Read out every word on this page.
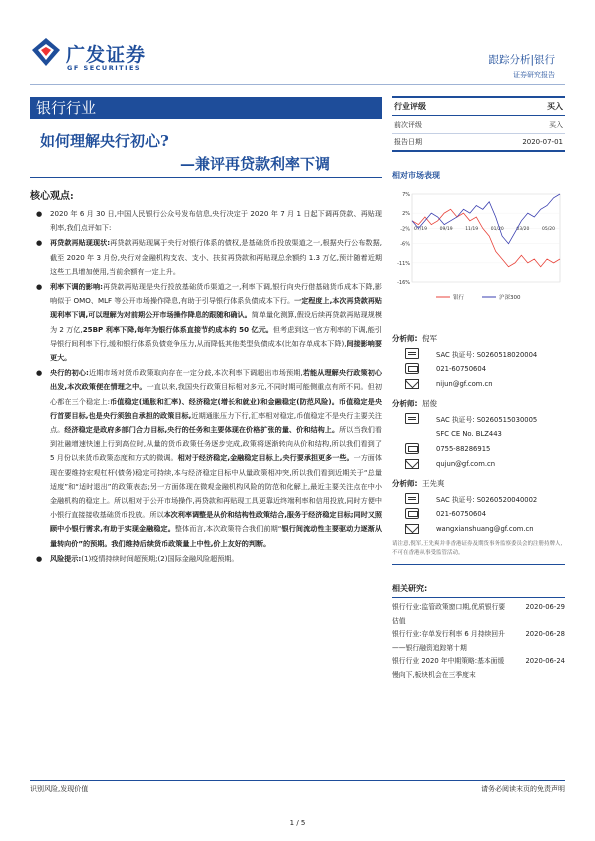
广发证券
GF SECURITIES
跟踪分析|银行
证券研究报告
银行行业
如何理解央行初心?
—兼评再贷款利率下调
行业评级	买入
前次评级	买入
报告日期	2020-07-01
相对市场表现
7%
2%
-2%
-6%
-11%
-16%
07/19	09/19	11/19	01/20	03/20	05/20
银行	沪深300
分析师: 倪军
SAC 执证号: S0260518020004
021-60750604
nijun@gf.com.cn
分析师: 屈俊
SAC 执证号: S0260515030005
SFC CE No. BLZ443
0755-88286915
qujun@gf.com.cn
分析师: 王先爽
SAC 执证号: S0260520040002
021-60750604
wangxianshuang@gf.com.cn
请注意,倪军,王先爽并非香港证券及期货事务监察委员会的注册持牌人,不可在香港从事受监管活动。
相关研究:
银行行业:监管政策窗口期,优质银行要估值
2020-06-29
银行行业:存单发行利率 6 月持续回升——银行融资追踪第十期
2020-06-28
银行行业 2020 年中期策略:基本面缓慢向下,板块机会在三季度末
2020-06-24
核心观点:
●	2020 年 6 月 30 日,中国人民银行公众号发布信息,央行决定于 2020 年 7 月 1 日起下调再贷款、再贴现利率,我们点评如下:
●	再贷款再贴现现状:再贷款再贴现属于央行对银行体系的债权,是基础货币投放渠道之一,根据央行公布数据,截至 2020 年 3 月份,央行对金融机构支农、支小、扶贫再贷款和再贴现总余额约 1.3 万亿,预计随着近期这些工具增加使用,当前余额有一定上升。
●	利率下调的影响:再贷款再贴现是央行投放基础货币渠道之一,利率下调,银行向央行借基础货币成本下降,影响似于 OMO、MLF 等公开市场操作降息,有助于引导银行体系负债成本下行。一定程度上,本次再贷款再贴现利率下调,可以理解为对前期公开市场操作降息的跟随和确认。简单量化测算,假设后续再贷款再贴现规模为 2 万亿,25BP 利率下降,每年为银行体系直接节约成本约 50 亿元。但考虑到这一官方利率的下调,能引导银行间利率下行,缓和银行体系负债竞争压力,从而降低其他类型负债成本(比如存单成本下降),间接影响要更大。
●	央行的初心:近期市场对货币政策取向存在一定分歧,本次利率下调超出市场预期,若能从理解央行政策初心出发,本次政策便在情理之中。一直以来,我国央行政策目标相对多元,不同时期可能侧重点有所不同。但初心都在三个稳定上:币值稳定(通胀和汇率)、经济稳定(增长和就业)和金融稳定(防范风险)。币值稳定是央行首要目标,也是央行须独自承担的政策目标,近期通胀压力下行,汇率相对稳定,币值稳定不是央行主要关注点。经济稳定是政府多部门合力目标,央行的任务和主要体现在价格扩张的量、价和结构上。所以当我们看到社融增速快速上行到高位时,从量的货币政策任务逐步完成,政策将逐渐转向从价和结构,所以我们看到了 5 月份以来货币政策态度和方式的微调。相对于经济稳定,金融稳定目标上,央行要承担更多一些。一方面体现在要维持宏观杠杆(债务)稳定可持续,本与经济稳定目标中从量政策相冲突,所以我们看到近期关于“总量适度”和“适时退出”的政策表态;另一方面体现在微观金融机构风险的防范和化解上,最近主要关注点在中小金融机构的稳定上。所以相对于公开市场操作,再贷款和再贴现工具更靠近终端利率和信用投放,同时方便中小银行直接接收基础货币投放。所以本次利率调整是从价和结构性政策结合,服务于经济稳定目标;同时又照顾中小银行需求,有助于实现金融稳定。整体而言,本次政策符合我们前期“银行间流动性主要驱动力逐渐从量转向价”的预期。我们维持后续货币政策量上中性,价上友好的判断。
●	风险提示:(1)疫情持续时间超预期;(2)国际金融风险超预期。
识别风险,发现价值	请务必阅读末页的免责声明
1 / 5
